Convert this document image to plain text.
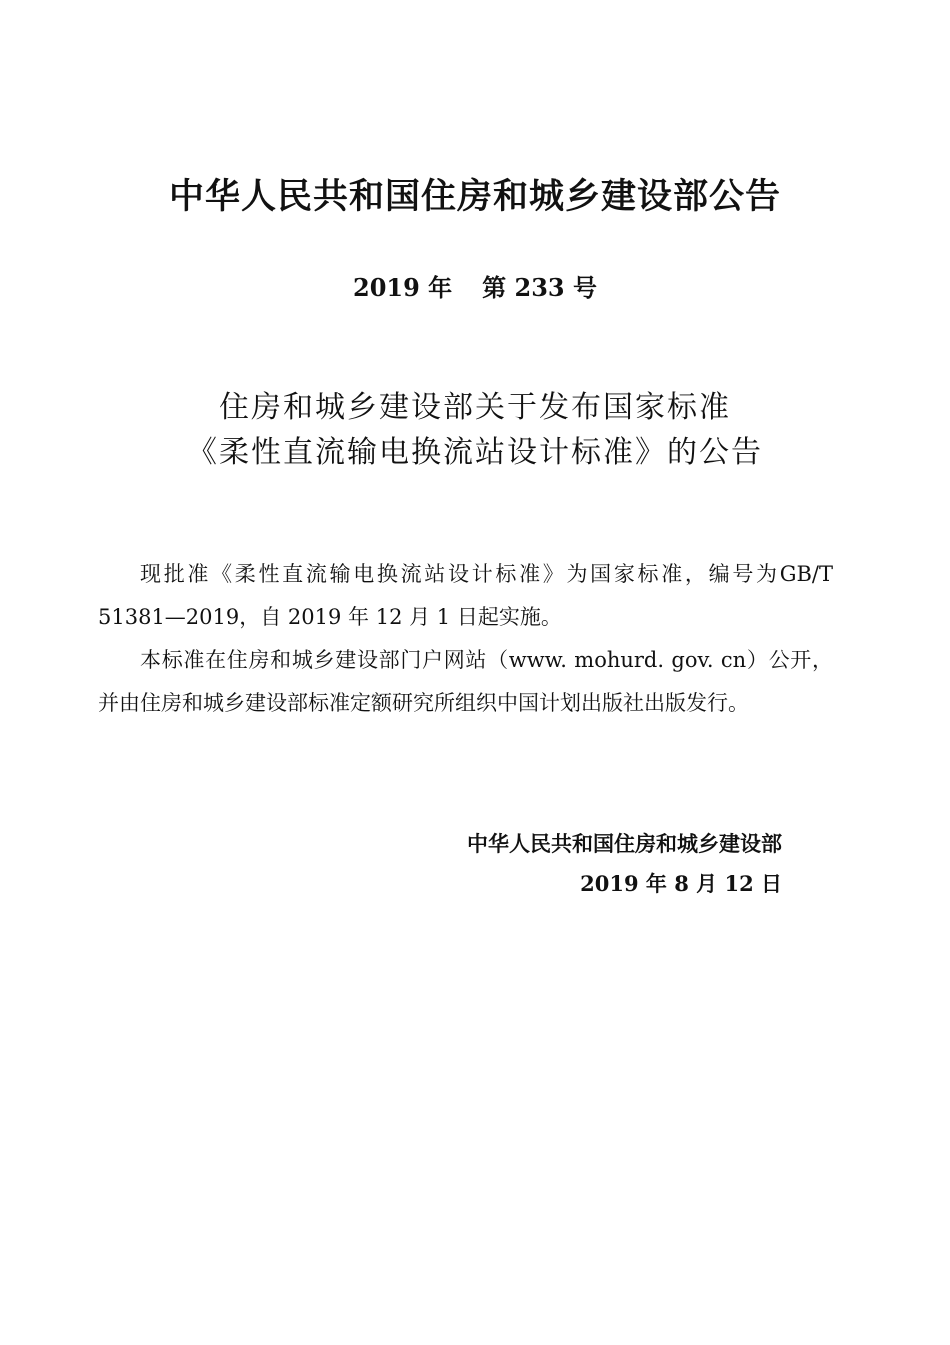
中华人民共和国住房和城乡建设部公告
2019 年 第 233 号
住房和城乡建设部关于发布国家标准
《柔性直流输电换流站设计标准》的公告

现批准《柔性直流输电换流站设计标准》为国家标准，编号为GB/T 51381—2019，自 2019 年 12 月 1 日起实施。

本标准在住房和城乡建设部门户网站（www. mohurd. gov. cn）公开，并由住房和城乡建设部标准定额研究所组织中国计划出版社出版发行。

中华人民共和国住房和城乡建设部
2019 年 8 月 12 日
